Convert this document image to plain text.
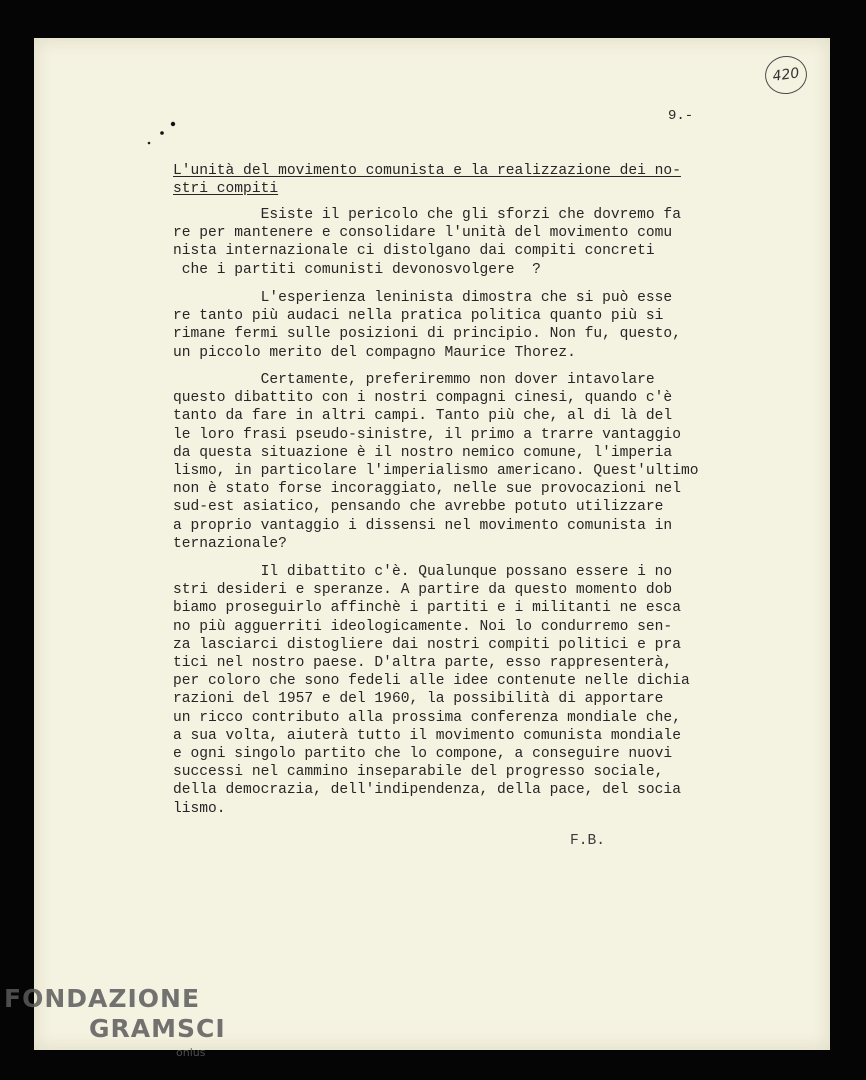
420
9.-
L'unità del movimento comunista e la realizzazione dei no-
stri compiti

Esiste il pericolo che gli sforzi che dovremo fa
re per mantenere e consolidare l'unità del movimento comu
nista internazionale ci distolgano dai compiti concreti
che i partiti comunisti devonosvolgere  ?

L'esperienza leninista dimostra che si può esse
re tanto più audaci nella pratica politica quanto più si
rimane fermi sulle posizioni di principio. Non fu, questo,
un piccolo merito del compagno Maurice Thorez.

Certamente, preferiremmo non dover intavolare
questo dibattito con i nostri compagni cinesi, quando c'è
tanto da fare in altri campi. Tanto più che, al di là del
le loro frasi pseudo-sinistre, il primo a trarre vantaggio
da questa situazione è il nostro nemico comune, l'imperia
lismo, in particolare l'imperialismo americano. Quest'ultimo
non è stato forse incoraggiato, nelle sue provocazioni nel
sud-est asiatico, pensando che avrebbe potuto utilizzare
a proprio vantaggio i dissensi nel movimento comunista in
ternazionale?

Il dibattito c'è. Qualunque possano essere i no
stri desideri e speranze. A partire da questo momento dob
biamo proseguirlo affinchè i partiti e i militanti ne esca
no più agguerriti ideologicamente. Noi lo condurremo sen-
za lasciarci distogliere dai nostri compiti politici e pra
tici nel nostro paese. D'altra parte, esso rappresenterà,
per coloro che sono fedeli alle idee contenute nelle dichia
razioni del 1957 e del 1960, la possibilità di apportare
un ricco contributo alla prossima conferenza mondiale che,
a sua volta, aiuterà tutto il movimento comunista mondiale
e ogni singolo partito che lo compone, a conseguire nuovi
successi nel cammino inseparabile del progresso sociale,
della democrazia, dell'indipendenza, della pace, del socia
lismo.

F.B.
FONDAZIONE
GRAMSCI
onlus
